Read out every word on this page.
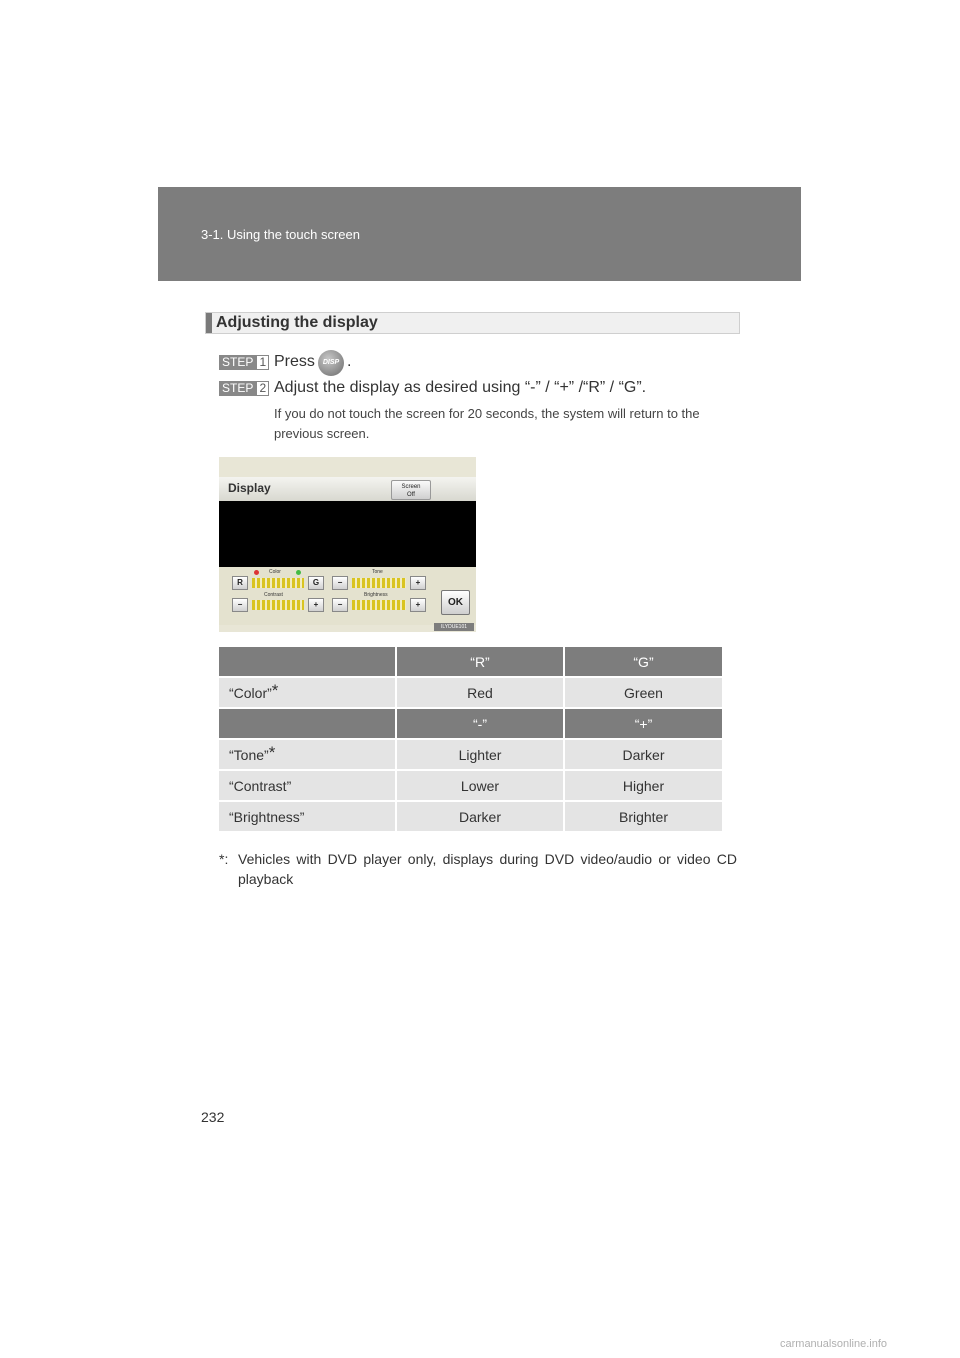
3-1. Using the touch screen
Adjusting the display
STEP 1 Press	DISP .
STEP 2 Adjust the display as desired using “-” / “+” /“R” / “G”.
If you do not touch the screen for 20 seconds, the system will return to the previous screen.
Display	Screen
Off
Color	Tone
R	G	−	+
Contrast	Brightness
−	+	−	+	OK
ILYDUE101
	“R”	“G”
“Color”*	Red	Green
	“-”	“+”
“Tone”*	Lighter	Darker
“Contrast”	Lower	Higher
“Brightness”	Darker	Brighter
*: Vehicles with DVD player only, displays during DVD video/audio or video CD playback
232
carmanualsonline.info
